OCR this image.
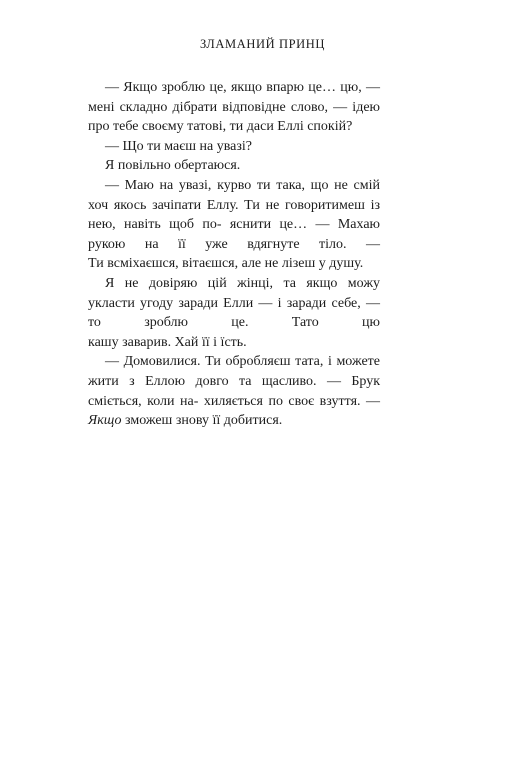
ЗЛАМАНИЙ ПРИНЦ

— Якщо зроблю це, якщо впарю це… цю, — мені складно дібрати відповідне слово, — ідею про тебе своєму татові, ти даси Еллі спокій?

— Що ти маєш на увазі?

Я повільно обертаюся.

— Маю на увазі, курво ти така, що не смій хоч якось зачіпати Еллу. Ти не говоритимеш із нею, навіть щоб по- яснити це… — Махаю рукою на її уже вдягнуте тіло. — Ти всміхаєшся, вітаєшся, але не лізеш у душу.

Я не довіряю цій жінці, та якщо можу укласти угоду заради Елли — і заради себе, — то зроблю це. Тато цю кашу заварив. Хай її і їсть.

— Домовилися. Ти обробляєш тата, і можете жити з Еллою довго та щасливо. — Брук сміється, коли на- хиляється по своє взуття. — Якщо зможеш знову її добитися.
